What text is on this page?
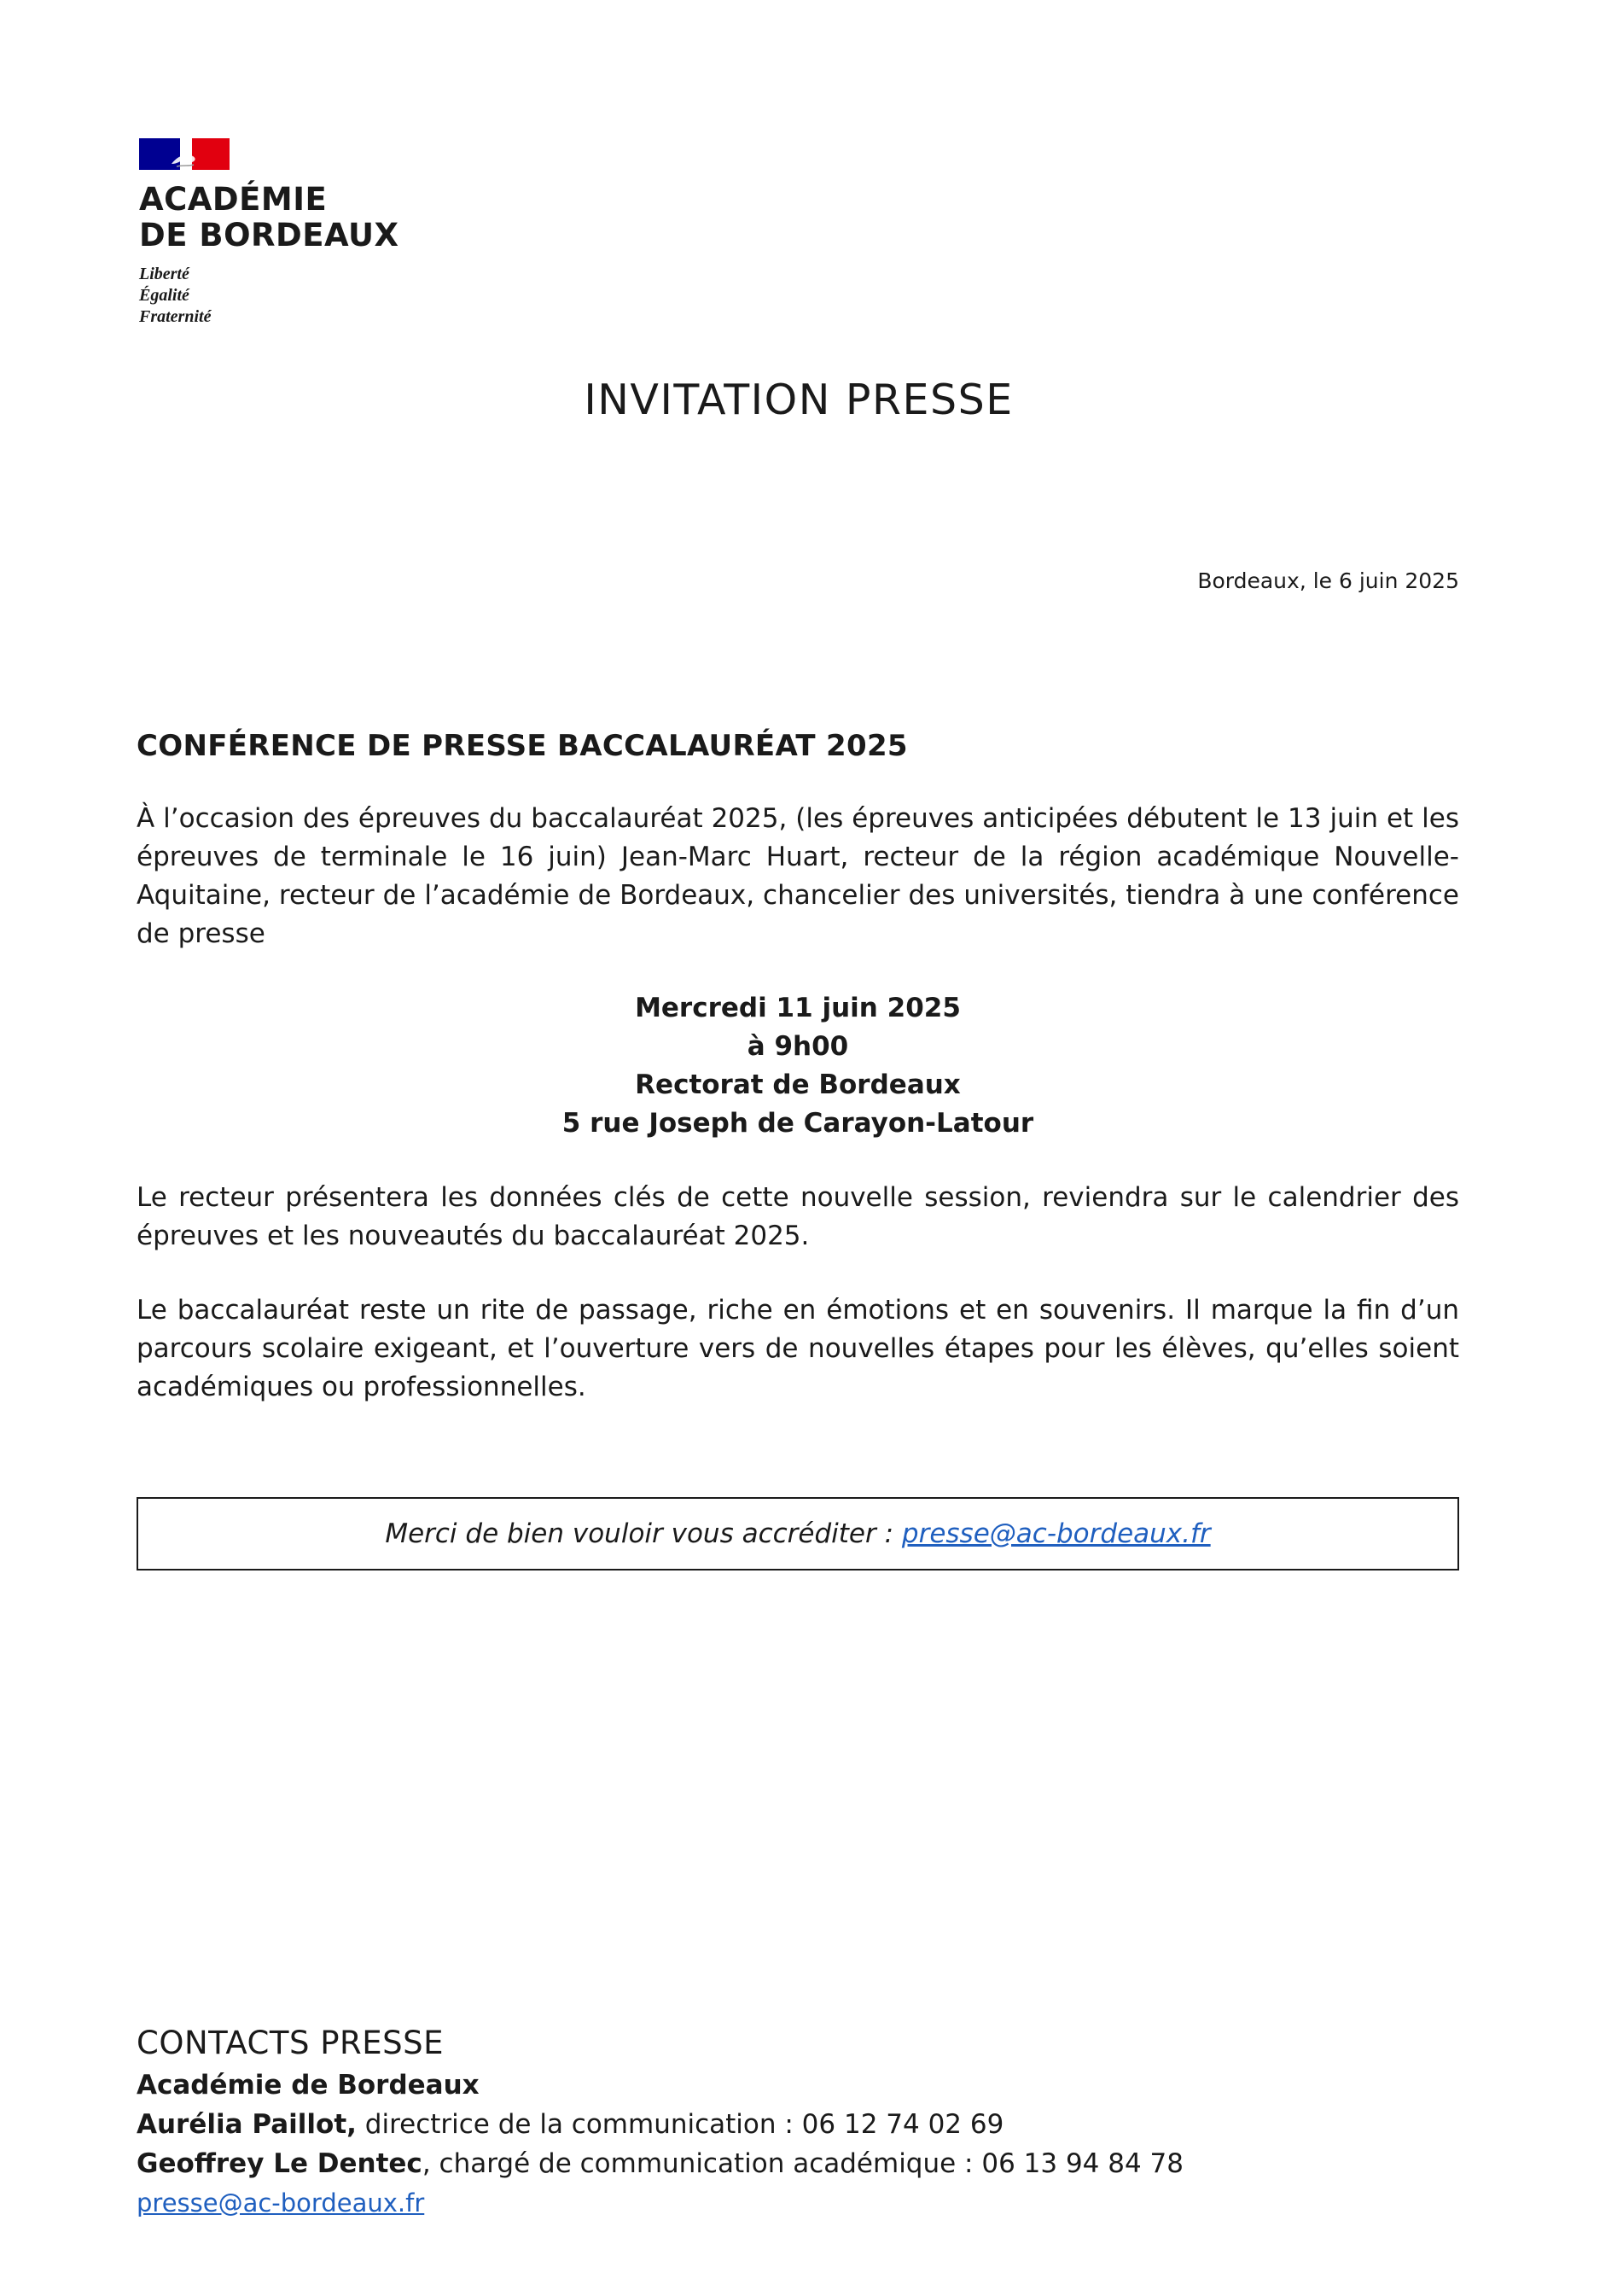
ACADÉMIE
DE BORDEAUX
Liberté
Égalité
Fraternité
INVITATION PRESSE
Bordeaux, le 6 juin 2025
CONFÉRENCE DE PRESSE BACCALAURÉAT 2025
À l’occasion des épreuves du baccalauréat 2025, (les épreuves anticipées débutent le 13 juin et les épreuves de terminale le 16 juin) Jean-Marc Huart, recteur de la région académique Nouvelle-Aquitaine, recteur de l’académie de Bordeaux, chancelier des universités, tiendra à une conférence de presse
Mercredi 11 juin 2025
à 9h00
Rectorat de Bordeaux
5 rue Joseph de Carayon-Latour
Le recteur présentera les données clés de cette nouvelle session, reviendra sur le calendrier des épreuves et les nouveautés du baccalauréat 2025.
Le baccalauréat reste un rite de passage, riche en émotions et en souvenirs. Il marque la fin d’un parcours scolaire exigeant, et l’ouverture vers de nouvelles étapes pour les élèves, qu’elles soient académiques ou professionnelles.
Merci de bien vouloir vous accréditer : presse@ac-bordeaux.fr
CONTACTS PRESSE
Académie de Bordeaux
Aurélia Paillot, directrice de la communication : 06 12 74 02 69
Geoffrey Le Dentec, chargé de communication académique : 06 13 94 84 78
presse@ac-bordeaux.fr
